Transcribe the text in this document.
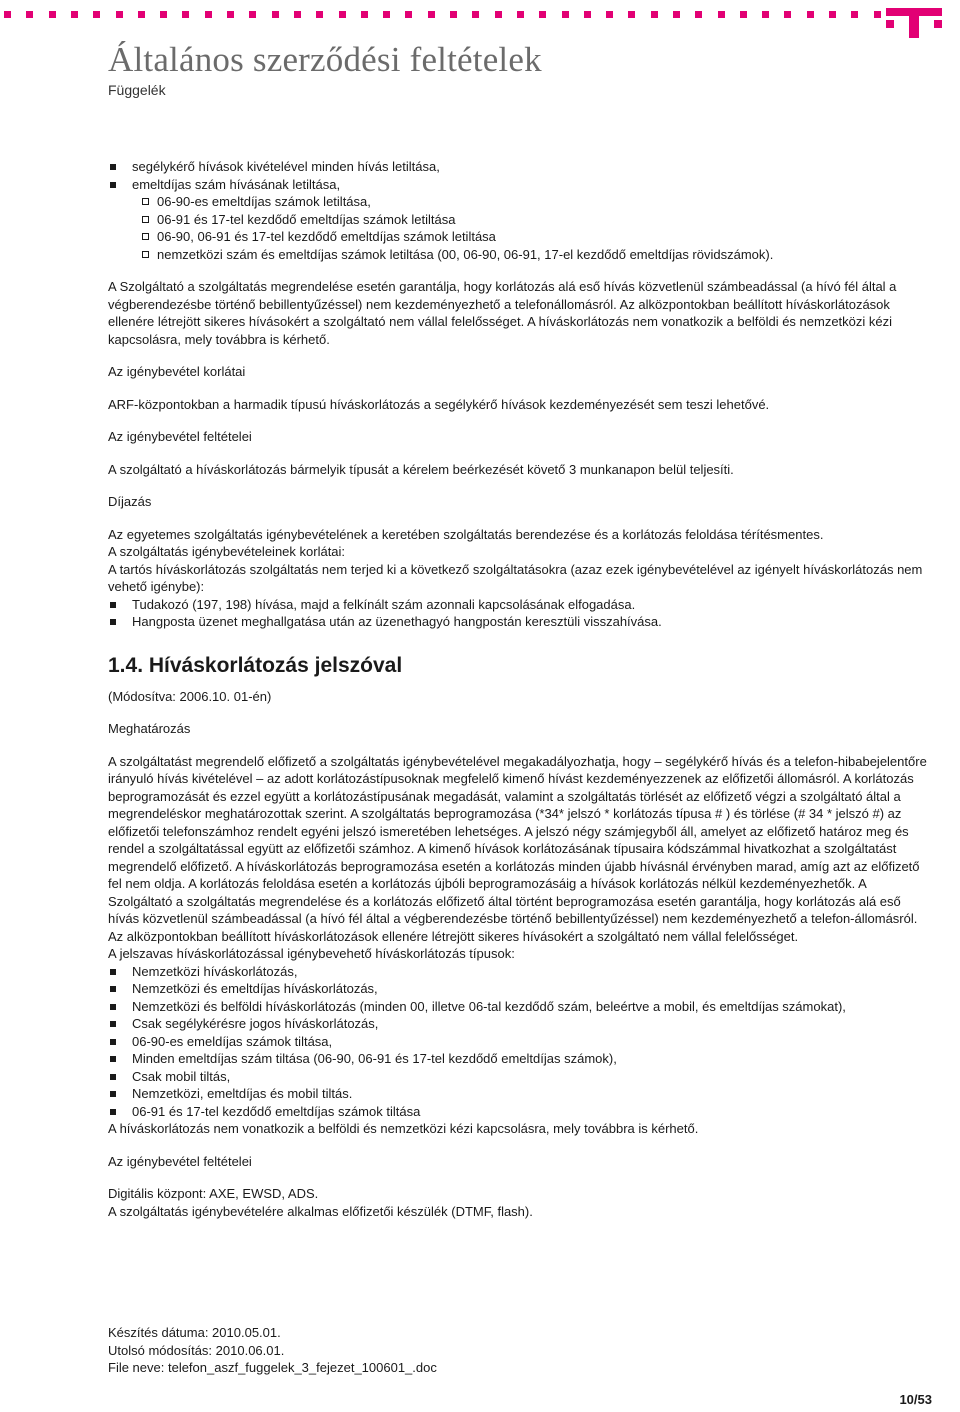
Általános szerződési feltételek
Függelék
segélykérő hívások kivételével minden hívás letiltása,
emeltdíjas szám hívásának letiltása,
06-90-es emeltdíjas számok letiltása,
06-91 és 17-tel kezdődő emeltdíjas számok letiltása
06-90, 06-91 és 17-tel kezdődő emeltdíjas számok letiltása
nemzetközi szám és emeltdíjas számok letiltása (00, 06-90, 06-91, 17-el kezdődő emeltdíjas rövidszámok).

A Szolgáltató a szolgáltatás megrendelése esetén garantálja, hogy korlátozás alá eső hívás közvetlenül számbeadással (a hívó fél által a végberendezésbe történő bebillentyűzéssel) nem kezdeményezhető a telefonállomásról. Az alközpontokban beállított híváskorlátozások ellenére létrejött sikeres hívásokért a szolgáltató nem vállal felelősséget. A híváskorlátozás nem vonatkozik a belföldi és nemzetközi kézi kapcsolásra, mely továbbra is kérhető.

Az igénybevétel korlátai

ARF-központokban a harmadik típusú híváskorlátozás a segélykérő hívások kezdeményezését sem teszi lehetővé.

Az igénybevétel feltételei

A szolgáltató a híváskorlátozás bármelyik típusát a kérelem beérkezését követő 3 munkanapon belül teljesíti.

Díjazás

Az egyetemes szolgáltatás igénybevételének a keretében szolgáltatás berendezése és a korlátozás feloldása térítésmentes.

A szolgáltatás igénybevételeinek korlátai:

A tartós híváskorlátozás szolgáltatás nem terjed ki a következő szolgáltatásokra (azaz ezek igénybevételével az igényelt híváskorlátozás nem vehető igénybe):

Tudakozó (197, 198) hívása, majd a felkínált szám azonnali kapcsolásának elfogadása.
Hangposta üzenet meghallgatása után az üzenethagyó hangpostán keresztüli visszahívása.
1.4. Híváskorlátozás jelszóval

(Módosítva: 2006.10. 01-én)

Meghatározás

A szolgáltatást megrendelő előfizető a szolgáltatás igénybevételével megakadályozhatja, hogy – segélykérő hívás és a telefon-hibabejelentőre irányuló hívás kivételével – az adott korlátozástípusoknak megfelelő kimenő hívást kezdeményezzenek az előfizetői állomásról. A korlátozás beprogramozását és ezzel együtt a korlátozástípusának megadását, valamint a szolgáltatás törlését az előfizető végzi a szolgáltató által a megrendeléskor meghatározottak szerint. A szolgáltatás beprogramozása (*34* jelszó * korlátozás típusa # ) és törlése (# 34 * jelszó #) az előfizetői telefonszámhoz rendelt egyéni jelszó ismeretében lehetséges. A jelszó négy számjegyből áll, amelyet az előfizető határoz meg és rendel a szolgáltatással együtt az előfizetői számhoz. A kimenő hívások korlátozásának típusaira kódszámmal hivatkozhat a szolgáltatást megrendelő előfizető. A híváskorlátozás beprogramozása esetén a korlátozás minden újabb hívásnál érvényben marad, amíg azt az előfizető fel nem oldja. A korlátozás feloldása esetén a korlátozás újbóli beprogramozásáig a hívások korlátozás nélkül kezdeményezhetők. A Szolgáltató a szolgáltatás megrendelése és a korlátozás előfizető által történt beprogramozása esetén garantálja, hogy korlátozás alá eső hívás közvetlenül számbeadással (a hívó fél által a végberendezésbe történő bebillentyűzéssel) nem kezdeményezhető a telefon-állomásról. Az alközpontokban beállított híváskorlátozások ellenére létrejött sikeres hívásokért a szolgáltató nem vállal felelősséget.

A jelszavas híváskorlátozással igénybevehető híváskorlátozás típusok:

Nemzetközi híváskorlátozás,
Nemzetközi és emeltdíjas híváskorlátozás,
Nemzetközi és belföldi híváskorlátozás (minden 00, illetve 06-tal kezdődő szám, beleértve a mobil, és emeltdíjas számokat),
Csak segélykérésre jogos híváskorlátozás,
06-90-es emeldíjas számok tiltása,
Minden emeltdíjas szám tiltása (06-90, 06-91 és 17-tel kezdődő emeltdíjas számok),
Csak mobil tiltás,
Nemzetközi, emeltdíjas és mobil tiltás.
06-91 és 17-tel kezdődő emeltdíjas számok tiltása

A híváskorlátozás nem vonatkozik a belföldi és nemzetközi kézi kapcsolásra, mely továbbra is kérhető.

Az igénybevétel feltételei

Digitális központ: AXE, EWSD, ADS.

A szolgáltatás igénybevételére alkalmas előfizetői készülék (DTMF, flash).

Készítés dátuma: 2010.05.01.
Utolsó módosítás: 2010.06.01.
File neve: telefon_aszf_fuggelek_3_fejezet_100601_.doc
10/53
